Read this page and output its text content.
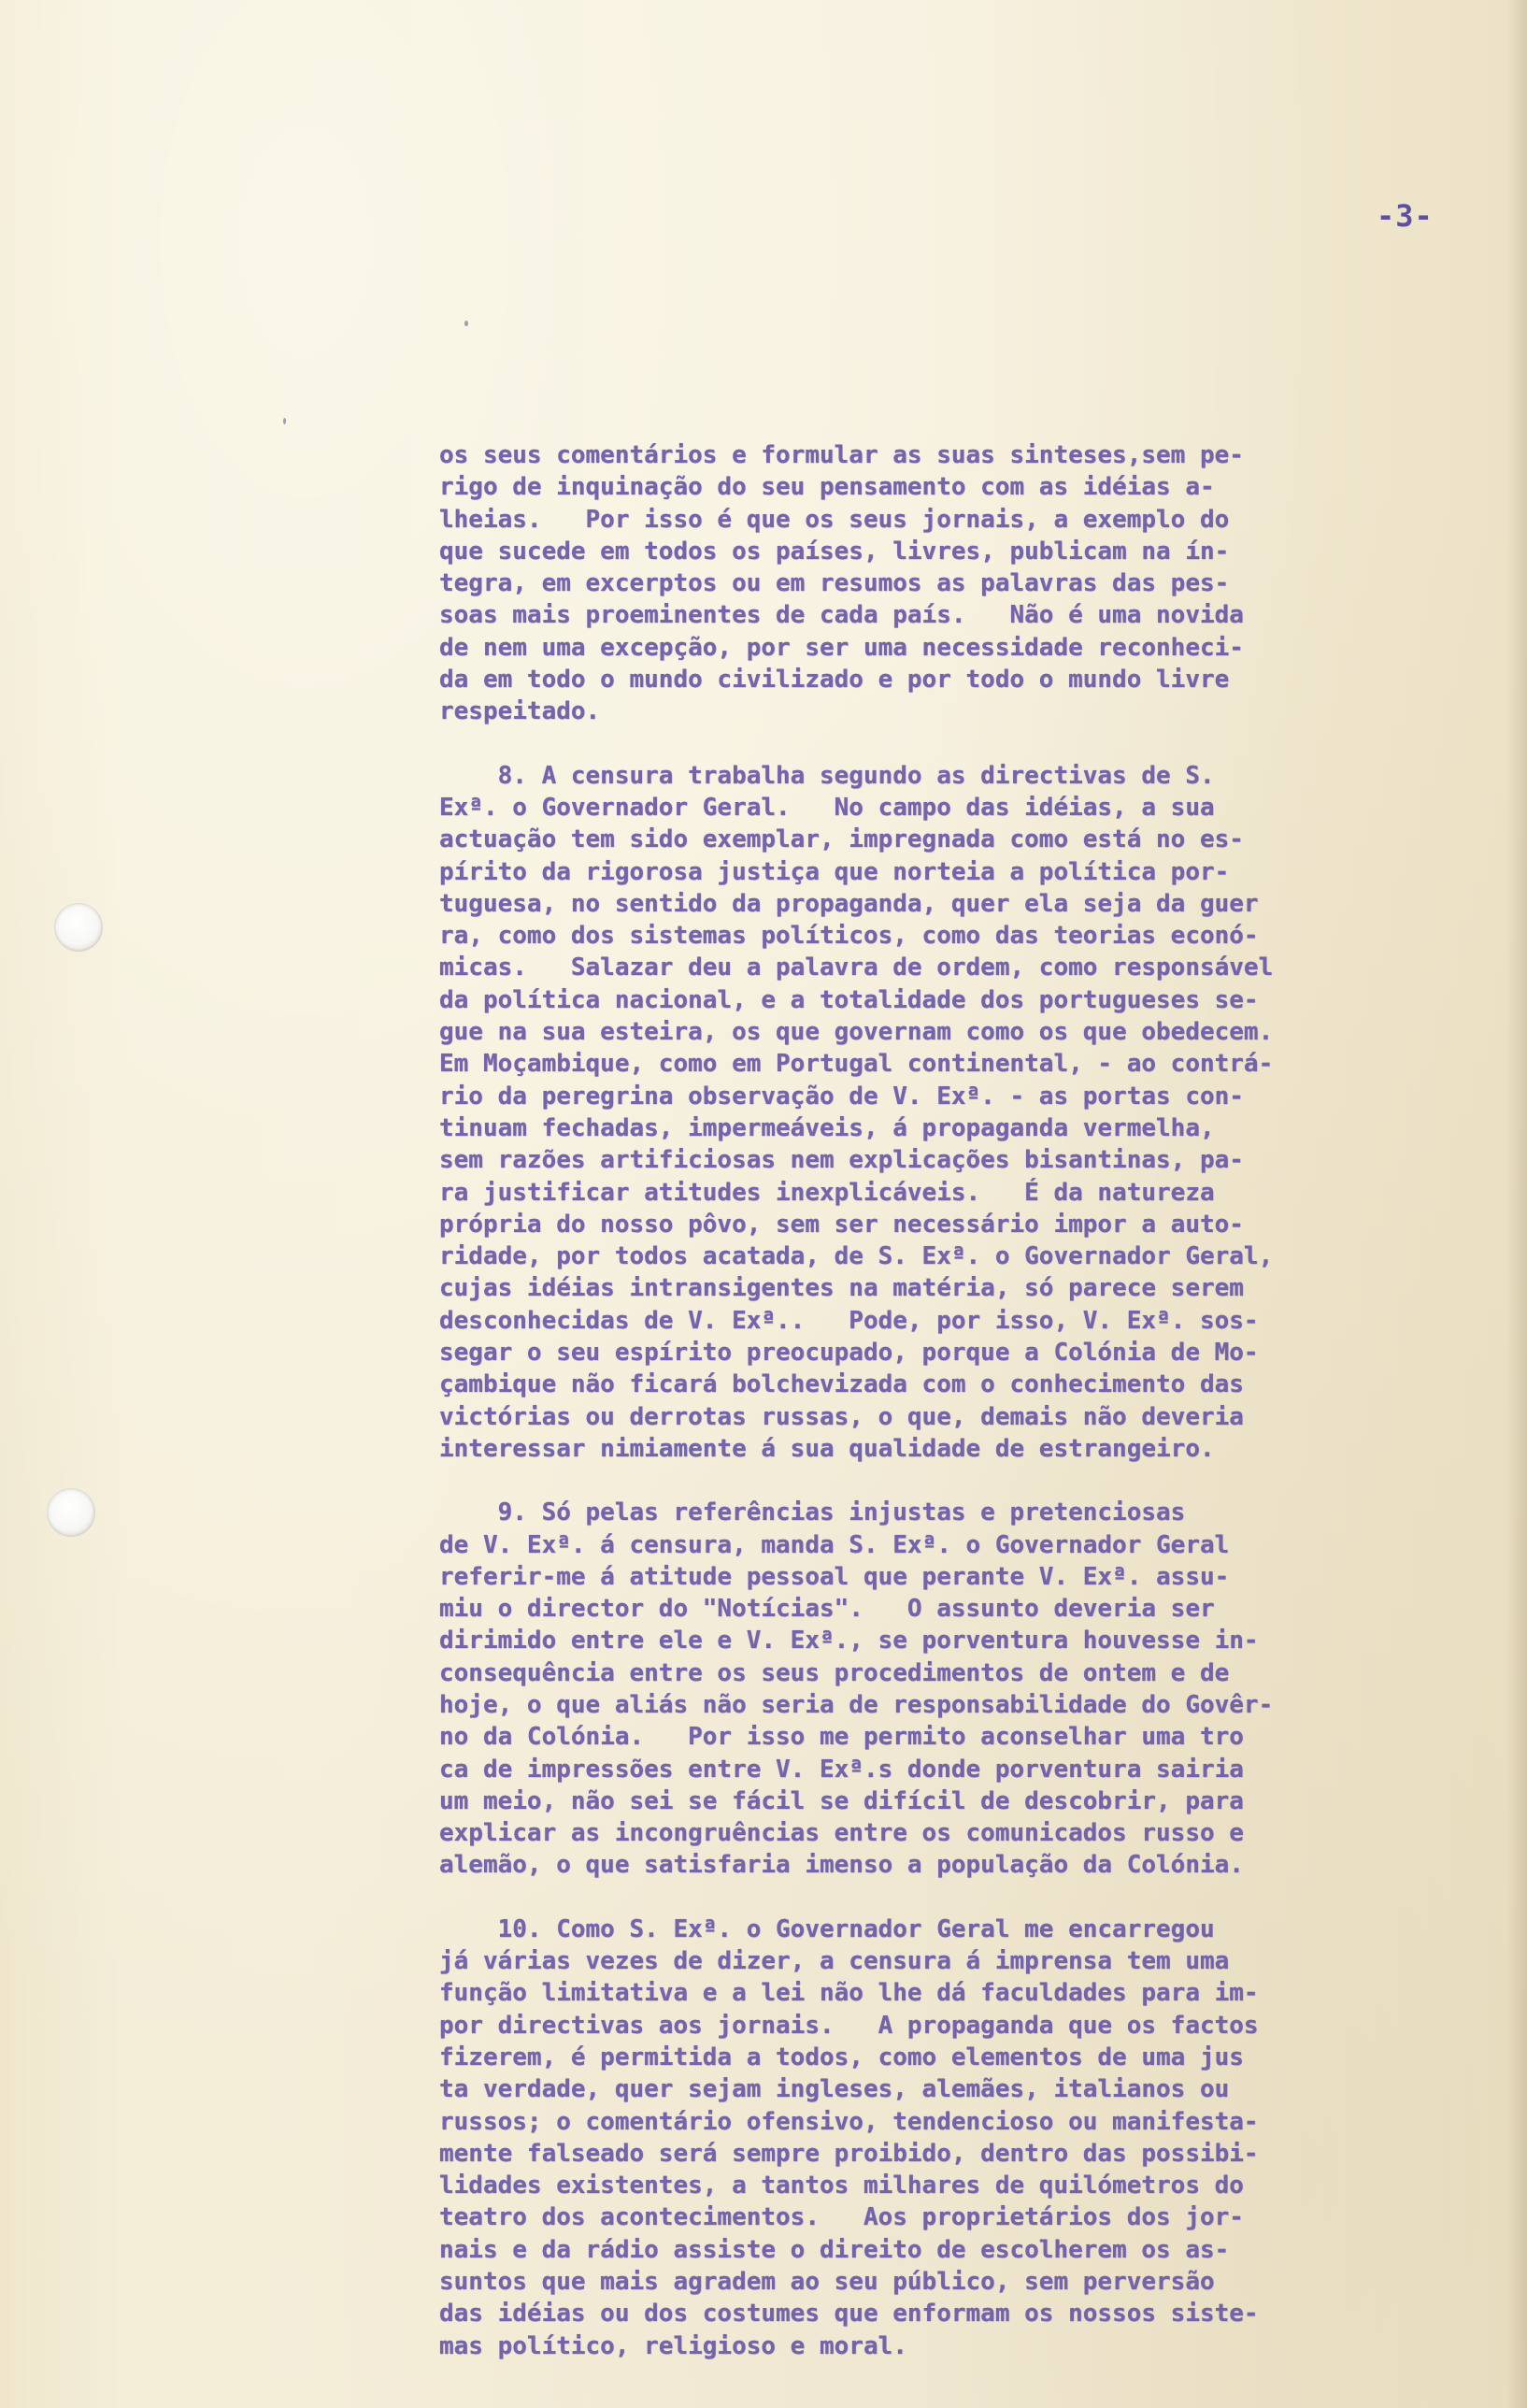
-3-
os seus comentários e formular as suas sinteses,sem pe-
rigo de inquinação do seu pensamento com as idéias a-
lheias.   Por isso é que os seus jornais, a exemplo do
que sucede em todos os países, livres, publicam na ín-
tegra, em excerptos ou em resumos as palavras das pes-
soas mais proeminentes de cada país.   Não é uma novida
de nem uma excepção, por ser uma necessidade reconheci-
da em todo o mundo civilizado e por todo o mundo livre
respeitado.
8. A censura trabalha segundo as directivas de S.
Exª. o Governador Geral.   No campo das idéias, a sua
actuação tem sido exemplar, impregnada como está no es-
pírito da rigorosa justiça que norteia a política por-
tuguesa, no sentido da propaganda, quer ela seja da guer
ra, como dos sistemas políticos, como das teorias econó-
micas.   Salazar deu a palavra de ordem, como responsável
da política nacional, e a totalidade dos portugueses se-
gue na sua esteira, os que governam como os que obedecem.
Em Moçambique, como em Portugal continental, - ao contrá-
rio da peregrina observação de V. Exª. - as portas con-
tinuam fechadas, impermeáveis, á propaganda vermelha,
sem razões artificiosas nem explicações bisantinas, pa-
ra justificar atitudes inexplicáveis.   É da natureza
própria do nosso pôvo, sem ser necessário impor a auto-
ridade, por todos acatada, de S. Exª. o Governador Geral,
cujas idéias intransigentes na matéria, só parece serem
desconhecidas de V. Exª..   Pode, por isso, V. Exª. sos-
segar o seu espírito preocupado, porque a Colónia de Mo-
çambique não ficará bolchevizada com o conhecimento das
victórias ou derrotas russas, o que, demais não deveria
interessar nimiamente á sua qualidade de estrangeiro.
9. Só pelas referências injustas e pretenciosas
de V. Exª. á censura, manda S. Exª. o Governador Geral
referir-me á atitude pessoal que perante V. Exª. assu-
miu o director do "Notícias".   O assunto deveria ser
dirimido entre ele e V. Exª., se porventura houvesse in-
consequência entre os seus procedimentos de ontem e de
hoje, o que aliás não seria de responsabilidade do Govêr-
no da Colónia.   Por isso me permito aconselhar uma tro
ca de impressões entre V. Exª.s donde porventura sairia
um meio, não sei se fácil se difícil de descobrir, para
explicar as incongruências entre os comunicados russo e
alemão, o que satisfaria imenso a população da Colónia.
10. Como S. Exª. o Governador Geral me encarregou
já várias vezes de dizer, a censura á imprensa tem uma
função limitativa e a lei não lhe dá faculdades para im-
por directivas aos jornais.   A propaganda que os factos
fizerem, é permitida a todos, como elementos de uma jus
ta verdade, quer sejam ingleses, alemães, italianos ou
russos; o comentário ofensivo, tendencioso ou manifesta-
mente falseado será sempre proibido, dentro das possibi-
lidades existentes, a tantos milhares de quilómetros do
teatro dos acontecimentos.   Aos proprietários dos jor-
nais e da rádio assiste o direito de escolherem os as-
suntos que mais agradem ao seu público, sem perversão
das idéias ou dos costumes que enformam os nossos siste-
mas político, religioso e moral.
